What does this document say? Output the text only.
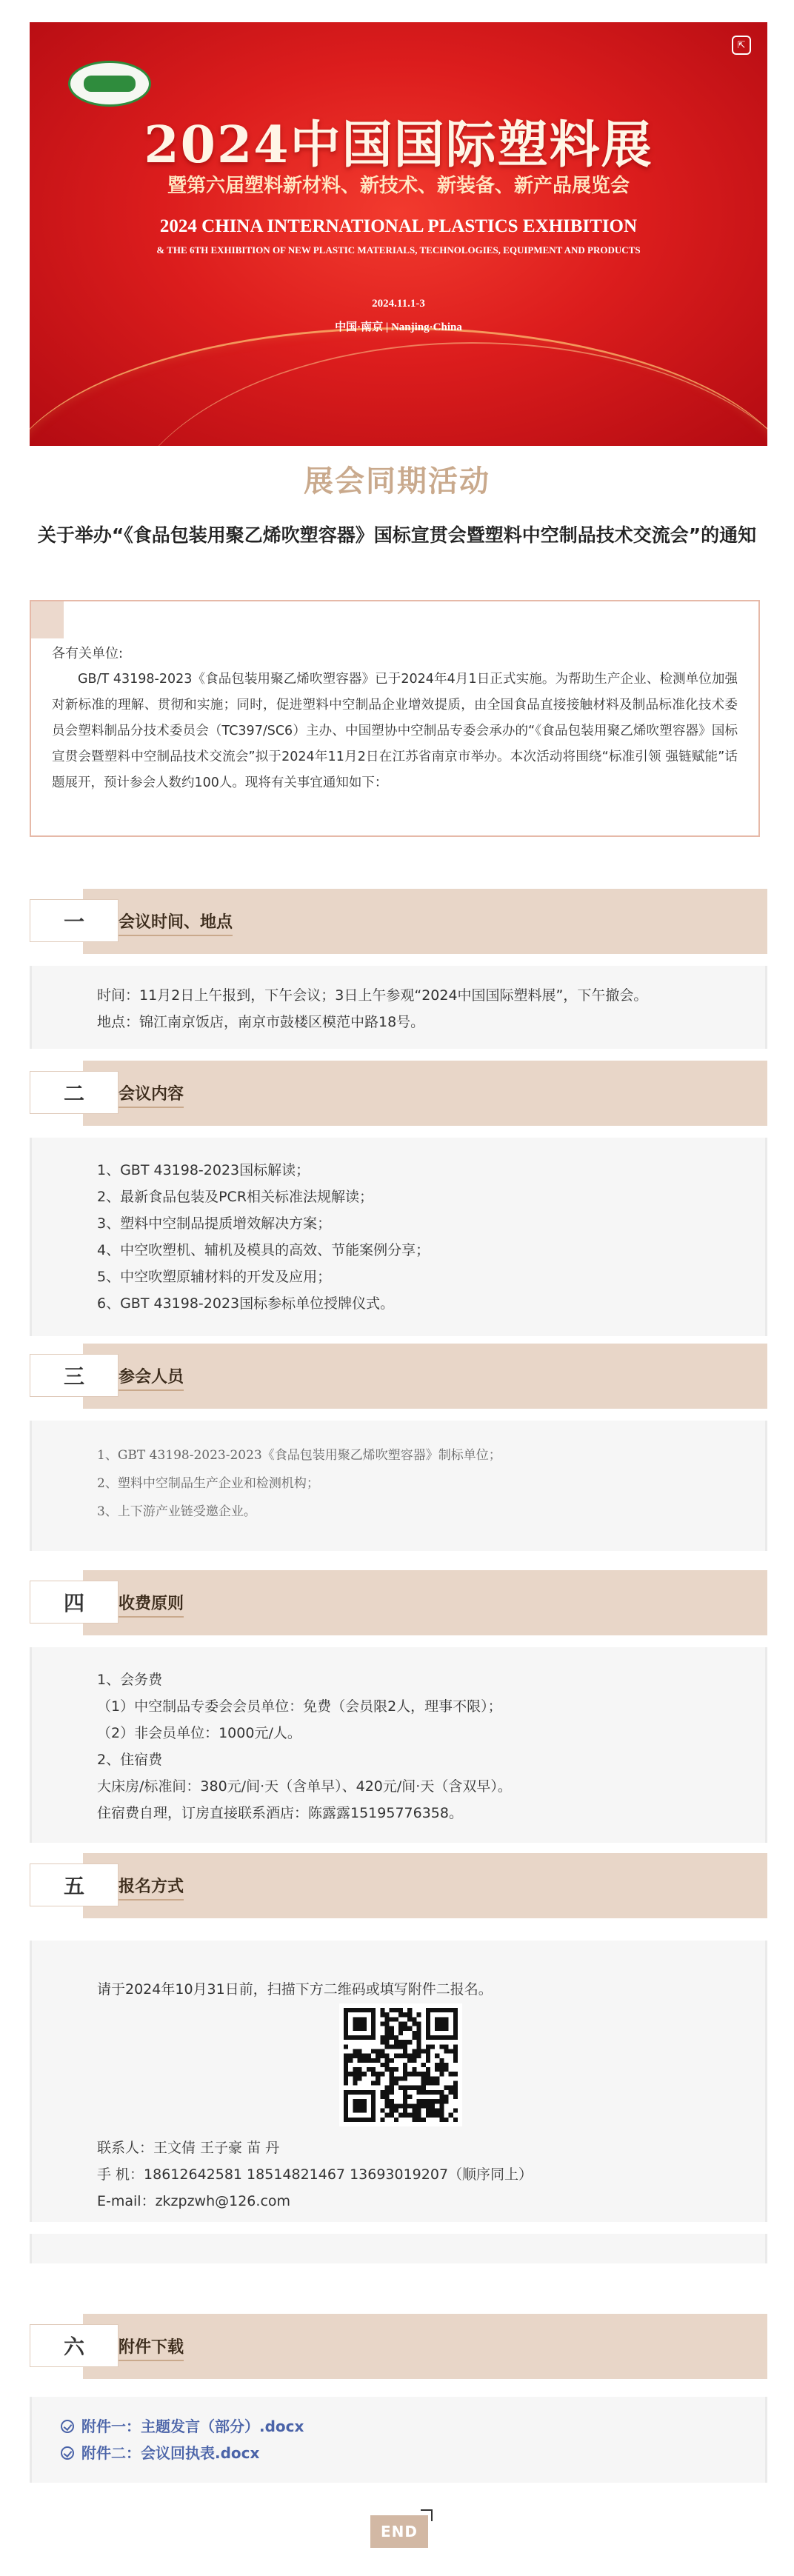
⇱
2024中国国际塑料展
暨第六届塑料新材料、新技术、新装备、新产品展览会
2024 CHINA INTERNATIONAL PLASTICS EXHIBITION
& THE 6TH EXHIBITION OF NEW PLASTIC MATERIALS, TECHNOLOGIES, EQUIPMENT AND PRODUCTS
2024.11.1-3
中国·南京 | Nanjing·China
展会同期活动
关于举办“《食品包装用聚乙烯吹塑容器》国标宣贯会暨塑料中空制品技术交流会”的通知
各有关单位:
GB/T 43198-2023《食品包装用聚乙烯吹塑容器》已于2024年4月1日正式实施。为帮助生产企业、检测单位加强对新标准的理解、贯彻和实施；同时，促进塑料中空制品企业增效提质，由全国食品直接接触材料及制品标准化技术委员会塑料制品分技术委员会（TC397/SC6）主办、中国塑协中空制品专委会承办的“《食品包装用聚乙烯吹塑容器》国标宣贯会暨塑料中空制品技术交流会”拟于2024年11月2日在江苏省南京市举办。本次活动将围绕“标准引领 强链赋能”话题展开，预计参会人数约100人。现将有关事宜通知如下：
一	会议时间、地点
时间：11月2日上午报到，下午会议；3日上午参观“2024中国国际塑料展”，下午撤会。
地点：锦江南京饭店，南京市鼓楼区模范中路18号。
二	会议内容
1、GBT 43198-2023国标解读；
2、最新食品包装及PCR相关标准法规解读；
3、塑料中空制品提质增效解决方案；
4、中空吹塑机、辅机及模具的高效、节能案例分享；
5、中空吹塑原辅材料的开发及应用；
6、GBT 43198-2023国标参标单位授牌仪式。
三	参会人员
1、GBT 43198-2023-2023《食品包装用聚乙烯吹塑容器》制标单位；
2、塑料中空制品生产企业和检测机构；
3、上下游产业链受邀企业。
四	收费原则
1、会务费
（1）中空制品专委会会员单位：免费（会员限2人，理事不限）；
（2）非会员单位：1000元/人。
2、住宿费
大床房/标准间：380元/间·天（含单早）、420元/间·天（含双早）。
住宿费自理，订房直接联系酒店：陈露露15195776358。
五	报名方式
请于2024年10月31日前，扫描下方二维码或填写附件二报名。
联系人：王文倩 王子豪 苗 丹
手 机：18612642581 18514821467 13693019207（顺序同上）
E-mail：zkzpzwh@126.com
六	附件下载
附件一：主题发言（部分）.docx
附件二：会议回执表.docx
END
